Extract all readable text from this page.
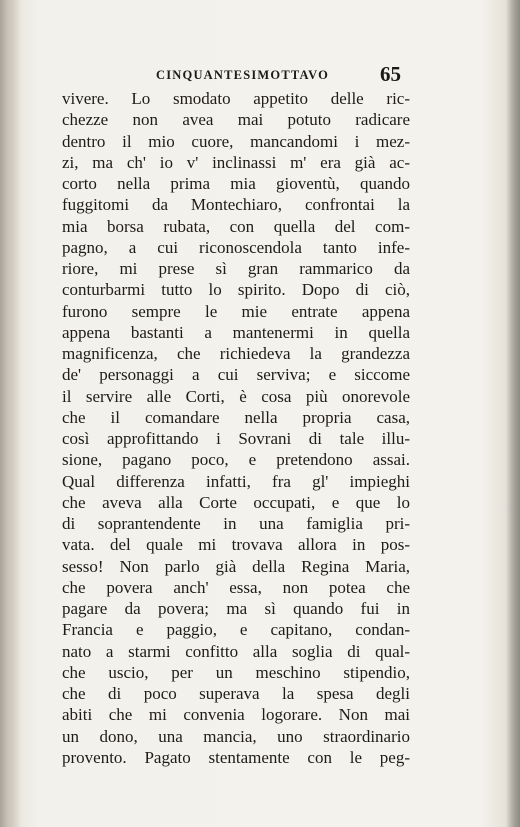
CINQUANTESIMOTTAVO 65
vivere. Lo smodato appetito delle ric-
chezze non avea mai potuto radicare
dentro il mio cuore, mancandomi i mez-
zi, ma ch' io v' inclinassi m' era già ac-
corto nella prima mia gioventù, quando
fuggitomi da Montechiaro, confrontai la
mia borsa rubata, con quella del com-
pagno, a cui riconoscendola tanto infe-
riore, mi prese sì gran rammarico da
conturbarmi tutto lo spirito. Dopo di ciò,
furono sempre le mie entrate appena
appena bastanti a mantenermi in quella
magnificenza, che richiedeva la grandezza
de' personaggi a cui serviva; e siccome
il servire alle Corti, è cosa più onorevole
che il comandare nella propria casa,
così approfittando i Sovrani di tale illu-
sione, pagano poco, e pretendono assai.
Qual differenza infatti, fra gl' impieghi
che aveva alla Corte occupati, e que lo
di soprantendente in una famiglia pri-
vata. del quale mi trovava allora in pos-
sesso! Non parlo già della Regina Maria,
che povera anch' essa, non potea che
pagare da povera; ma sì quando fui in
Francia e paggio, e capitano, condan-
nato a starmi confitto alla soglia di qual-
che uscio, per un meschino stipendio,
che di poco superava la spesa degli
abiti che mi convenia logorare. Non mai
un dono, una mancia, uno straordinario
provento. Pagato stentamente con le peg-
